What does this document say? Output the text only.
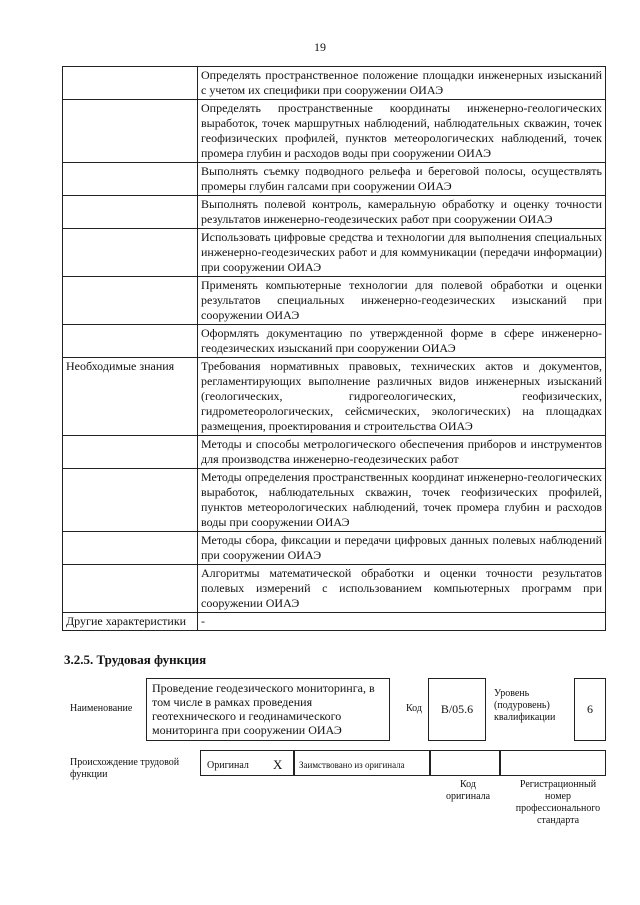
19
	Определять пространственное положение площадки инженерных изысканий с учетом их специфики при сооружении ОИАЭ
	Определять пространственные координаты инженерно-геологических выработок, точек маршрутных наблюдений, наблюдательных скважин, точек геофизических профилей, пунктов метеорологических наблюдений, точек промера глубин и расходов воды при сооружении ОИАЭ
	Выполнять съемку подводного рельефа и береговой полосы, осуществлять промеры глубин галсами при сооружении ОИАЭ
	Выполнять полевой контроль, камеральную обработку и оценку точности результатов инженерно-геодезических работ при сооружении ОИАЭ
	Использовать цифровые средства и технологии для выполнения специальных инженерно-геодезических работ и для коммуникации (передачи информации) при сооружении ОИАЭ
	Применять компьютерные технологии для полевой обработки и оценки результатов специальных инженерно-геодезических изысканий при сооружении ОИАЭ
	Оформлять документацию по утвержденной форме в сфере инженерно-геодезических изысканий при сооружении ОИАЭ
Необходимые знания	Требования нормативных правовых, технических актов и документов, регламентирующих выполнение различных видов инженерных изысканий (геологических, гидрогеологических, геофизических, гидрометеорологических, сейсмических, экологических) на площадках размещения, проектирования и строительства ОИАЭ
	Методы и способы метрологического обеспечения приборов и инструментов для производства инженерно-геодезических работ
	Методы определения пространственных координат инженерно-геологических выработок, наблюдательных скважин, точек геофизических профилей, пунктов метеорологических наблюдений, точек промера глубин и расходов воды при сооружении ОИАЭ
	Методы сбора, фиксации и передачи цифровых данных полевых наблюдений при сооружении ОИАЭ
	Алгоритмы математической обработки и оценки точности результатов полевых измерений с использованием компьютерных программ при сооружении ОИАЭ
Другие характеристики	-
3.2.5. Трудовая функция
Наименование
Проведение геодезического мониторинга, в том числе в рамках проведения геотехнического и геодинамического мониторинга при сооружении ОИАЭ
Код	B/05.6
Уровень (подуровень) квалификации
6
Происхождение трудовой функции
Оригинал X Заимствовано из оригинала
Код оригинала
Регистрационный номер профессионального стандарта
